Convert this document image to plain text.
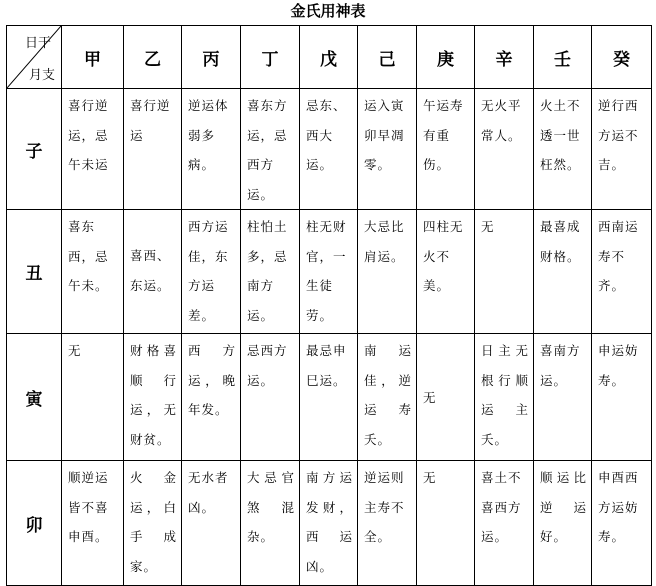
金氏用神表
日干
月支	甲	乙	丙	丁	戊	己	庚	辛	壬	癸
子	喜行逆运，忌午未运	喜行逆运	逆运体弱多病。	喜东方运，忌西方运。	忌东、西大运。	运入寅卯早凋零。	午运寿有重伤。	无火平常人。	火土不透一世枉然。	逆行西方运不吉。
丑	喜东西，忌午未。	喜西、东运。	西方运佳，东方运差。	柱怕土多，忌南方运。	柱无财官，一生徒劳。	大忌比肩运。	四柱无火不美。	无	最喜成财格。	西南运寿不齐。
寅	无	财格喜顺行运，无财贫。	西方运，晚年发。	忌西方运。	最忌申巳运。	南运佳，逆运寿夭。	无	日主无根行顺运主夭。	喜南方运。	申运妨寿。
卯	顺逆运皆不喜申酉。	火金运，白手成家。	无水者凶。	大忌官煞混杂。	南方运发财，西运凶。	逆运则主寿不全。	无	喜土不喜西方运。	顺运比逆运好。	申酉西方运妨寿。
